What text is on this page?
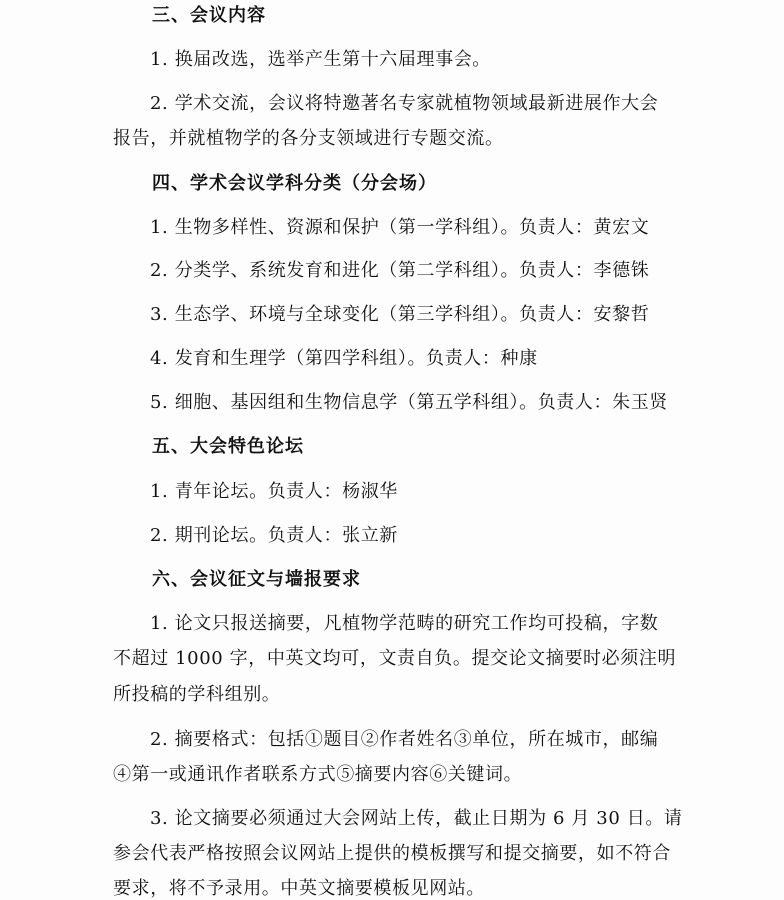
三、会议内容
1. 换届改选，选举产生第十六届理事会。
2. 学术交流，会议将特邀著名专家就植物领域最新进展作大会
报告，并就植物学的各分支领域进行专题交流。
四、学术会议学科分类（分会场）
1. 生物多样性、资源和保护（第一学科组）。负责人：黄宏文
2. 分类学、系统发育和进化（第二学科组）。负责人：李德铢
3. 生态学、环境与全球变化（第三学科组）。负责人：安黎哲
4. 发育和生理学（第四学科组）。负责人：种康
5. 细胞、基因组和生物信息学（第五学科组）。负责人：朱玉贤
五、大会特色论坛
1. 青年论坛。负责人：杨淑华
2. 期刊论坛。负责人：张立新
六、会议征文与墙报要求
1. 论文只报送摘要，凡植物学范畴的研究工作均可投稿，字数
不超过 1000 字，中英文均可，文责自负。提交论文摘要时必须注明
所投稿的学科组别。
2. 摘要格式：包括①题目②作者姓名③单位，所在城市，邮编
④第一或通讯作者联系方式⑤摘要内容⑥关键词。
3. 论文摘要必须通过大会网站上传，截止日期为 6 月 30 日。请
参会代表严格按照会议网站上提供的模板撰写和提交摘要，如不符合
要求，将不予录用。中英文摘要模板见网站。
